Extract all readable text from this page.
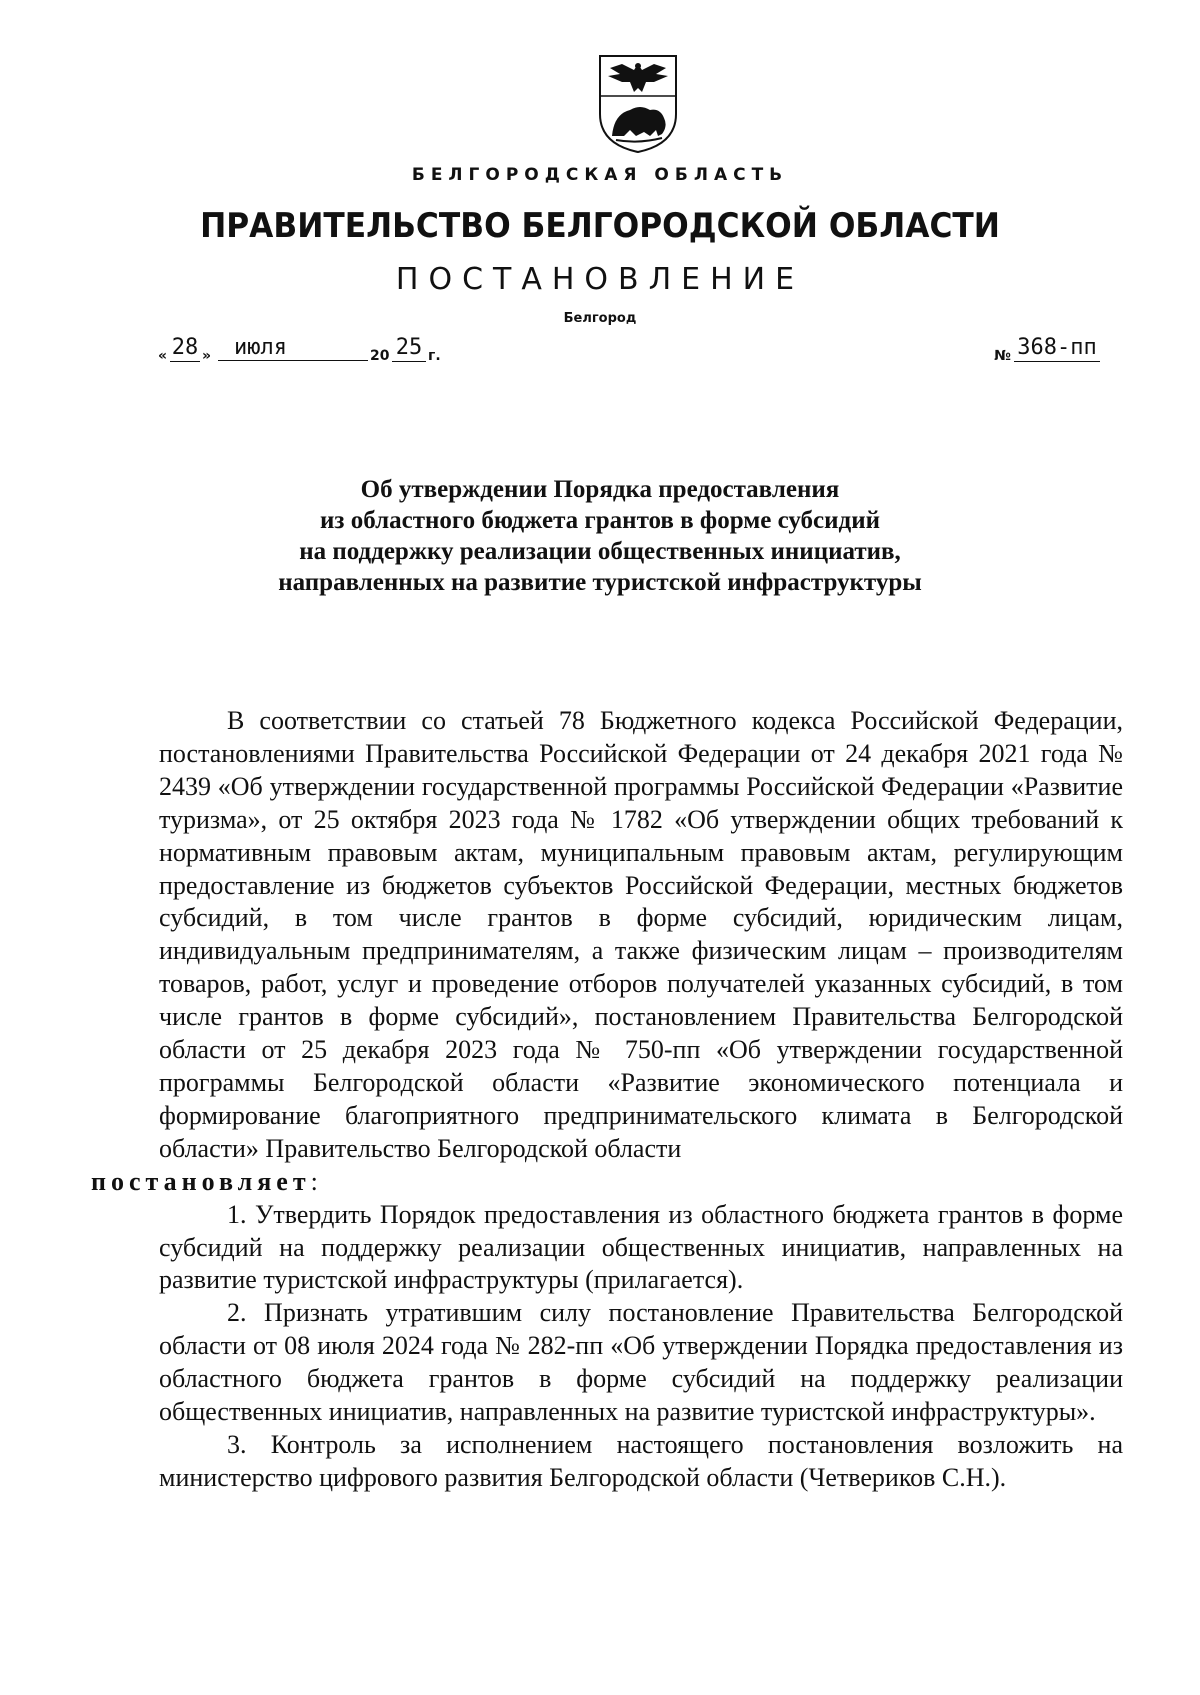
БЕЛГОРОДСКАЯ ОБЛАСТЬ
ПРАВИТЕЛЬСТВО БЕЛГОРОДСКОЙ ОБЛАСТИ
ПОСТАНОВЛЕНИЕ
Белгород
« 28 »	июля	20 25 г.	№ 368-пп
Об утверждении Порядка предоставления
из областного бюджета грантов в форме субсидий
на поддержку реализации общественных инициатив,
направленных на развитие туристской инфраструктуры

В соответствии со статьей 78 Бюджетного кодекса Российской Федерации, постановлениями Правительства Российской Федерации от 24 декабря 2021 года № 2439 «Об утверждении государственной программы Российской Федерации «Развитие туризма», от 25 октября 2023 года № 1782 «Об утверждении общих требований к нормативным правовым актам, муниципальным правовым актам, регулирующим предоставление из бюджетов субъектов Российской Федерации, местных бюджетов субсидий, в том числе грантов в форме субсидий, юридическим лицам, индивидуальным предпринимателям, а также физическим лицам – производителям товаров, работ, услуг и проведение отборов получателей указанных субсидий, в том числе грантов в форме субсидий», постановлением Правительства Белгородской области от 25 декабря 2023 года № 750-пп «Об утверждении государственной программы Белгородской области «Развитие экономического потенциала и формирование благоприятного предпринимательского климата в Белгородской области» Правительство Белгородской области
постановляет:

1. Утвердить Порядок предоставления из областного бюджета грантов в форме субсидий на поддержку реализации общественных инициатив, направленных на развитие туристской инфраструктуры (прилагается).

2. Признать утратившим силу постановление Правительства Белгородской области от 08 июля 2024 года № 282-пп «Об утверждении Порядка предоставления из областного бюджета грантов в форме субсидий на поддержку реализации общественных инициатив, направленных на развитие туристской инфраструктуры».

3. Контроль за исполнением настоящего постановления возложить на министерство цифрового развития Белгородской области (Четвериков С.Н.).
